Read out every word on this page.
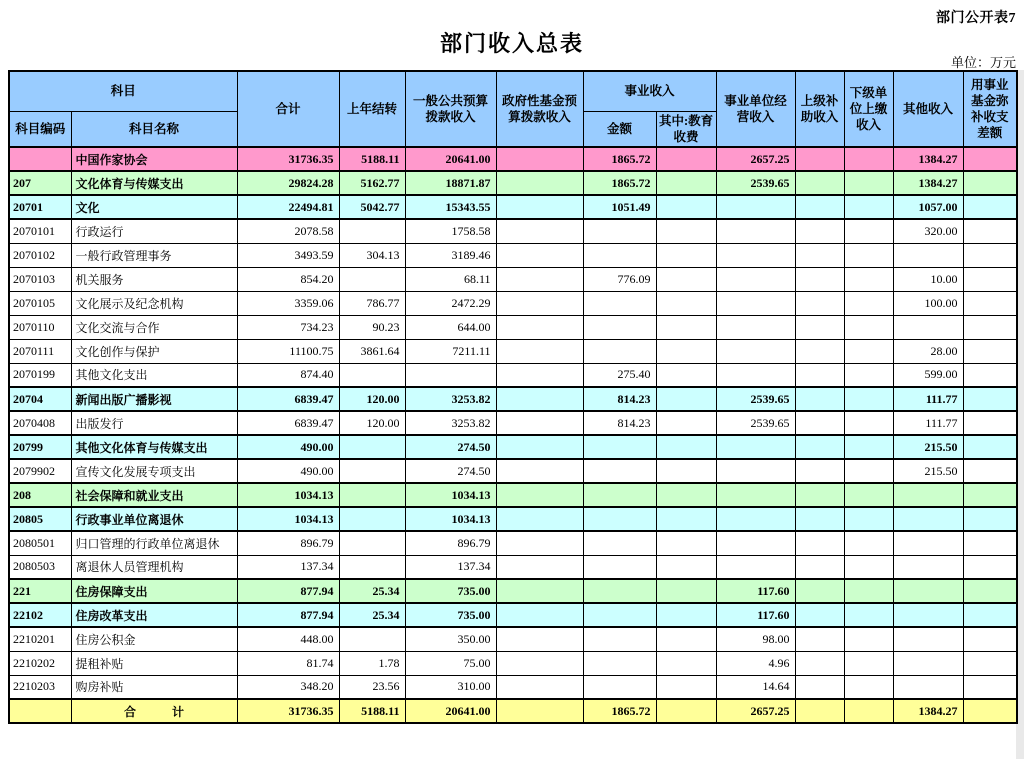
部门公开表7
部门收入总表
单位：万元
科目		合计	上年结转	一般公共预算拨款收入	政府性基金预算拨款收入	事业收入		事业单位经营收入	上级补助收入	下级单位上缴收入	其他收入	用事业基金弥补收支差额
科目编码	科目名称					金额	其中:教育收费					
	中国作家协会	31736.35	5188.11	20641.00		1865.72		2657.25			1384.27	
207	文化体育与传媒支出	29824.28	5162.77	18871.87		1865.72		2539.65			1384.27	
20701	文化	22494.81	5042.77	15343.55		1051.49					1057.00	
2070101	行政运行	2078.58		1758.58							320.00	
2070102	一般行政管理事务	3493.59	304.13	3189.46								
2070103	机关服务	854.20		68.11		776.09					10.00	
2070105	文化展示及纪念机构	3359.06	786.77	2472.29							100.00	
2070110	文化交流与合作	734.23	90.23	644.00								
2070111	文化创作与保护	11100.75	3861.64	7211.11							28.00	
2070199	其他文化支出	874.40				275.40					599.00	
20704	新闻出版广播影视	6839.47	120.00	3253.82		814.23		2539.65			111.77	
2070408	出版发行	6839.47	120.00	3253.82		814.23		2539.65			111.77	
20799	其他文化体育与传媒支出	490.00		274.50							215.50	
2079902	宣传文化发展专项支出	490.00		274.50							215.50	
208	社会保障和就业支出	1034.13		1034.13								
20805	行政事业单位离退休	1034.13		1034.13								
2080501	归口管理的行政单位离退休	896.79		896.79								
2080503	离退休人员管理机构	137.34		137.34								
221	住房保障支出	877.94	25.34	735.00				117.60				
22102	住房改革支出	877.94	25.34	735.00				117.60				
2210201	住房公积金	448.00		350.00				98.00				
2210202	提租补贴	81.74	1.78	75.00				4.96				
2210203	购房补贴	348.20	23.56	310.00				14.64				
	合　　　计	31736.35	5188.11	20641.00		1865.72		2657.25			1384.27	
